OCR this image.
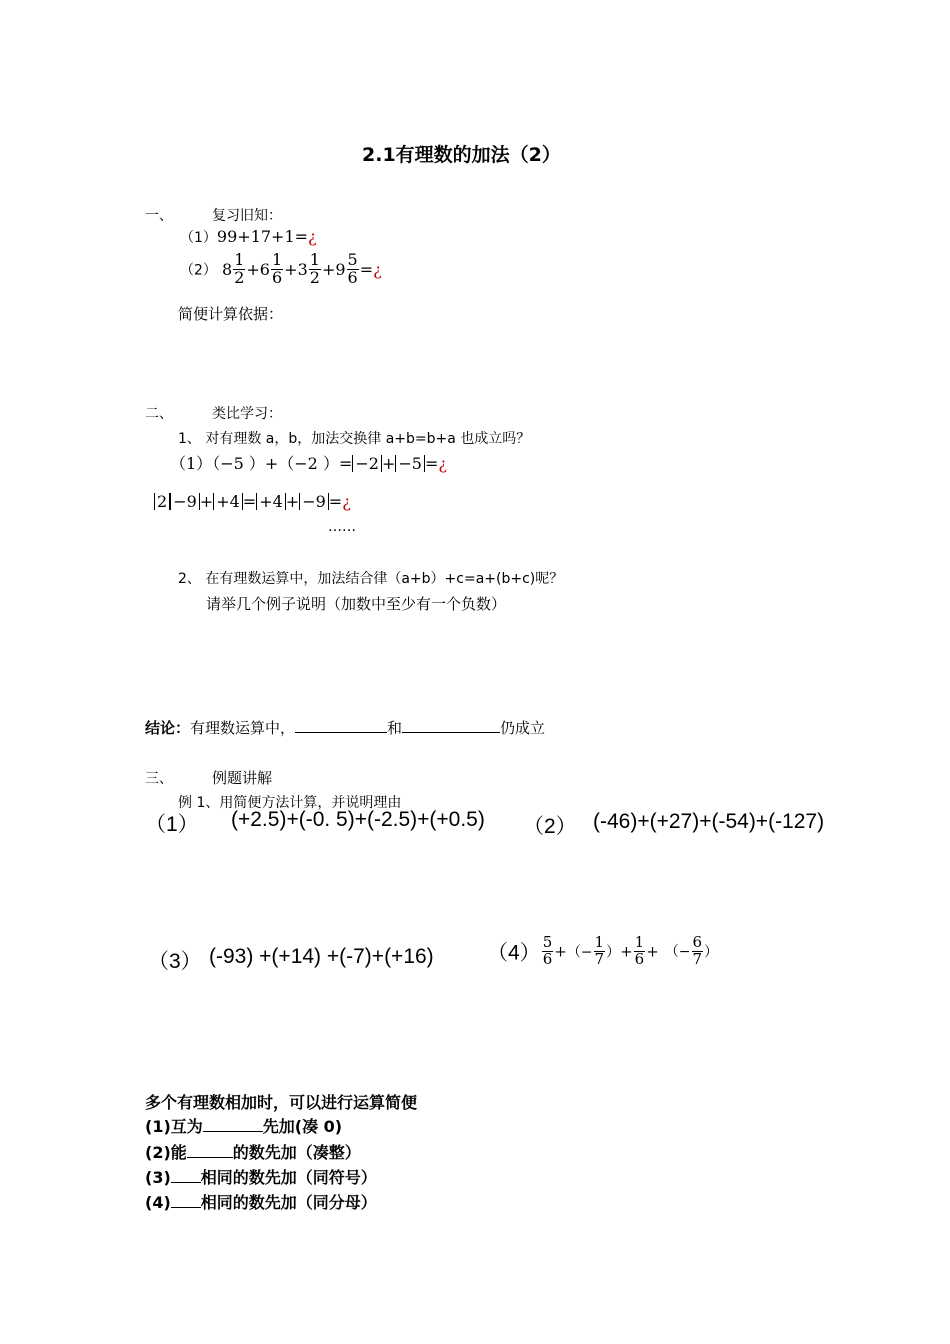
2.1有理数的加法（2）
一、	复习旧知：
（1）99+17+1=¿
（2） $8 \frac{1}{2} +6 \frac{1}{6} +3 \frac{1}{2} +9 \frac{5}{6}$ =¿
简便计算依据：
二、	类比学习：
1、 对有理数 a，b，加法交换律 a+b=b+a 也成立吗？
（1）（−5 ）+（−2 ）= −2 + −5 =¿
2 −9 + +4 = +4 + −9 =¿
……
2、 在有理数运算中，加法结合律（a+b）+c=a+(b+c)呢？
请举几个例子说明（加数中至少有一个负数）
结论：有理数运算中，	和	仍成立
三、	例题讲解
例 1、用简便方法计算，并说明理由
（1） (+2.5)+(-0. 5)+(-2.5)+(+0.5) （2） (-46)+(+27)+(-54)+(-127)
（3） (-93) +(+14) +(-7)+(+16)	$(4) \frac{5}{6}$ +（− $\frac{1}{7}$ ）+ $\frac{1}{6}$ + （− $\frac{6}{7}$ ）
多个有理数相加时，可以进行运算简便
(1)互为	先加(凑 0)
(2)能	的数先加（凑整）
(3) 相同的数先加（同符号）
(4) 相同的数先加（同分母）
